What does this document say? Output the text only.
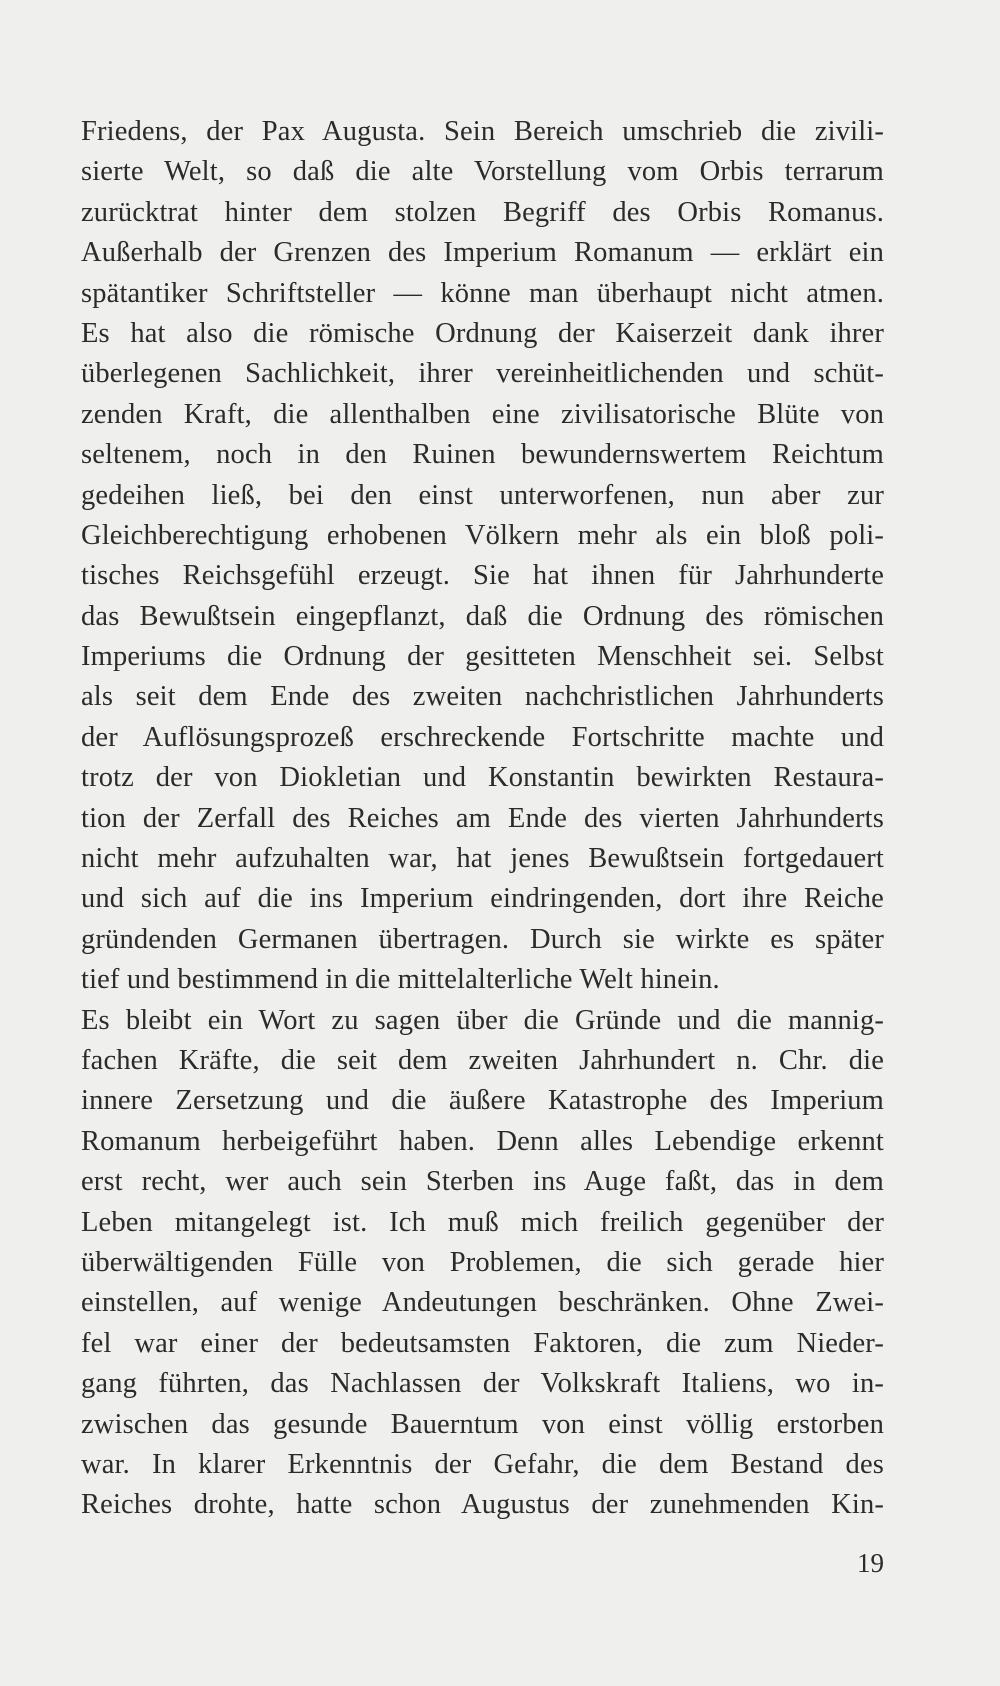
Friedens, der Pax Augusta. Sein Bereich umschrieb die zivili-
sierte Welt, so daß die alte Vorstellung vom Orbis terrarum
zurücktrat hinter dem stolzen Begriff des Orbis Romanus.
Außerhalb der Grenzen des Imperium Romanum — erklärt ein
spätantiker Schriftsteller — könne man überhaupt nicht atmen.
Es hat also die römische Ordnung der Kaiserzeit dank ihrer
überlegenen Sachlichkeit, ihrer vereinheitlichenden und schüt-
zenden Kraft, die allenthalben eine zivilisatorische Blüte von
seltenem, noch in den Ruinen bewundernswertem Reichtum
gedeihen ließ, bei den einst unterworfenen, nun aber zur
Gleichberechtigung erhobenen Völkern mehr als ein bloß poli-
tisches Reichsgefühl erzeugt. Sie hat ihnen für Jahrhunderte
das Bewußtsein eingepflanzt, daß die Ordnung des römischen
Imperiums die Ordnung der gesitteten Menschheit sei. Selbst
als seit dem Ende des zweiten nachchristlichen Jahrhunderts
der Auflösungsprozeß erschreckende Fortschritte machte und
trotz der von Diokletian und Konstantin bewirkten Restaura-
tion der Zerfall des Reiches am Ende des vierten Jahrhunderts
nicht mehr aufzuhalten war, hat jenes Bewußtsein fortgedauert
und sich auf die ins Imperium eindringenden, dort ihre Reiche
gründenden Germanen übertragen. Durch sie wirkte es später
tief und bestimmend in die mittelalterliche Welt hinein.
Es bleibt ein Wort zu sagen über die Gründe und die mannig-
fachen Kräfte, die seit dem zweiten Jahrhundert n. Chr. die
innere Zersetzung und die äußere Katastrophe des Imperium
Romanum herbeigeführt haben. Denn alles Lebendige erkennt
erst recht, wer auch sein Sterben ins Auge faßt, das in dem
Leben mitangelegt ist. Ich muß mich freilich gegenüber der
überwältigenden Fülle von Problemen, die sich gerade hier
einstellen, auf wenige Andeutungen beschränken. Ohne Zwei-
fel war einer der bedeutsamsten Faktoren, die zum Nieder-
gang führten, das Nachlassen der Volkskraft Italiens, wo in-
zwischen das gesunde Bauerntum von einst völlig erstorben
war. In klarer Erkenntnis der Gefahr, die dem Bestand des
Reiches drohte, hatte schon Augustus der zunehmenden Kin-
19
